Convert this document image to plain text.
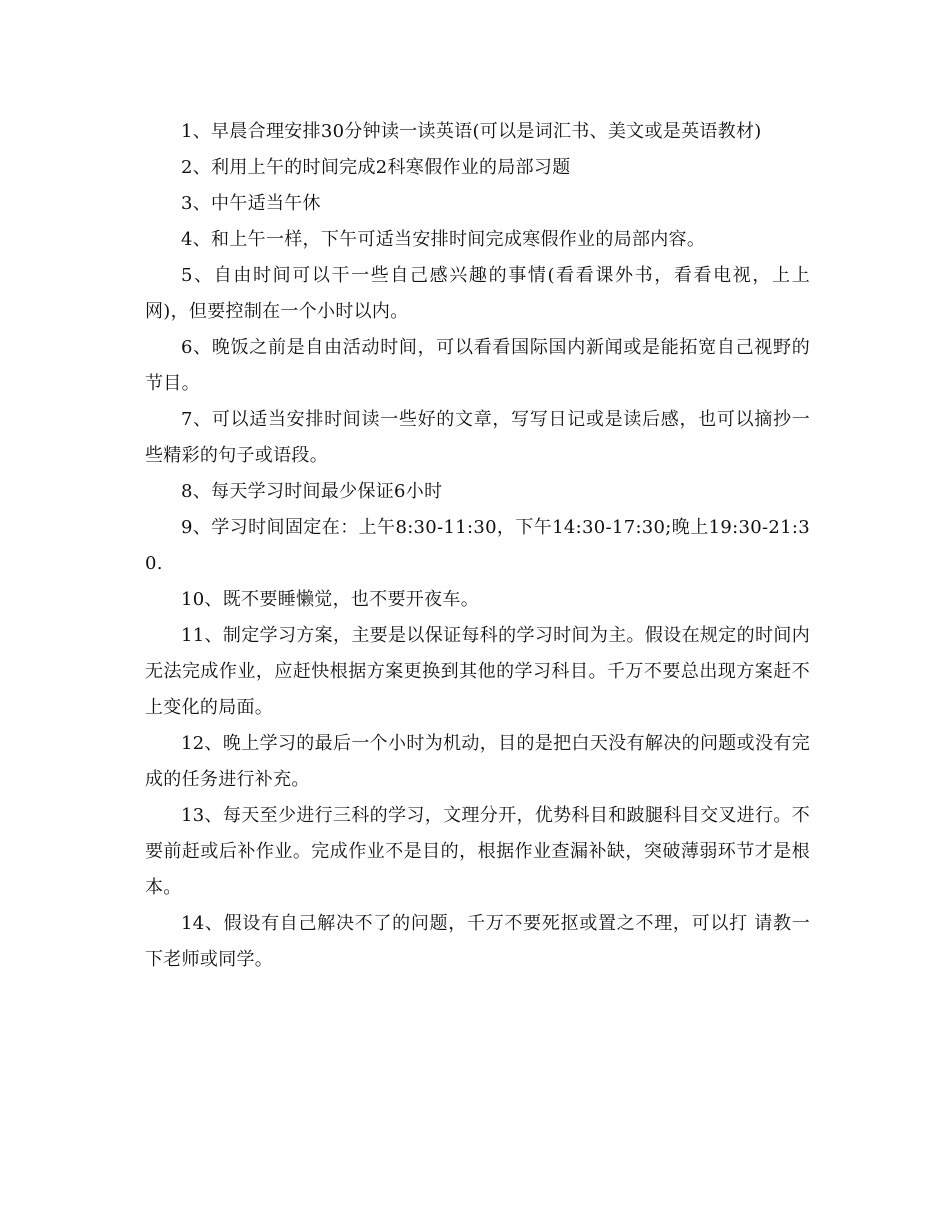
1、早晨合理安排30分钟读一读英语(可以是词汇书、美文或是英语教材)

2、利用上午的时间完成2科寒假作业的局部习题

3、中午适当午休

4、和上午一样，下午可适当安排时间完成寒假作业的局部内容。

5、自由时间可以干一些自己感兴趣的事情(看看课外书，看看电视，上上网)，但要控制在一个小时以内。

6、晚饭之前是自由活动时间，可以看看国际国内新闻或是能拓宽自己视野的节目。

7、可以适当安排时间读一些好的文章，写写日记或是读后感，也可以摘抄一些精彩的句子或语段。

8、每天学习时间最少保证6小时

9、学习时间固定在：上午8:30-11:30，下午14:30-17:30;晚上19:30-21:30.

10、既不要睡懒觉，也不要开夜车。

11、制定学习方案，主要是以保证每科的学习时间为主。假设在规定的时间内无法完成作业，应赶快根据方案更换到其他的学习科目。千万不要总出现方案赶不上变化的局面。

12、晚上学习的最后一个小时为机动，目的是把白天没有解决的问题或没有完成的任务进行补充。

13、每天至少进行三科的学习，文理分开，优势科目和跛腿科目交叉进行。不要前赶或后补作业。完成作业不是目的，根据作业查漏补缺，突破薄弱环节才是根本。

14、假设有自己解决不了的问题，千万不要死抠或置之不理，可以打 请教一下老师或同学。
